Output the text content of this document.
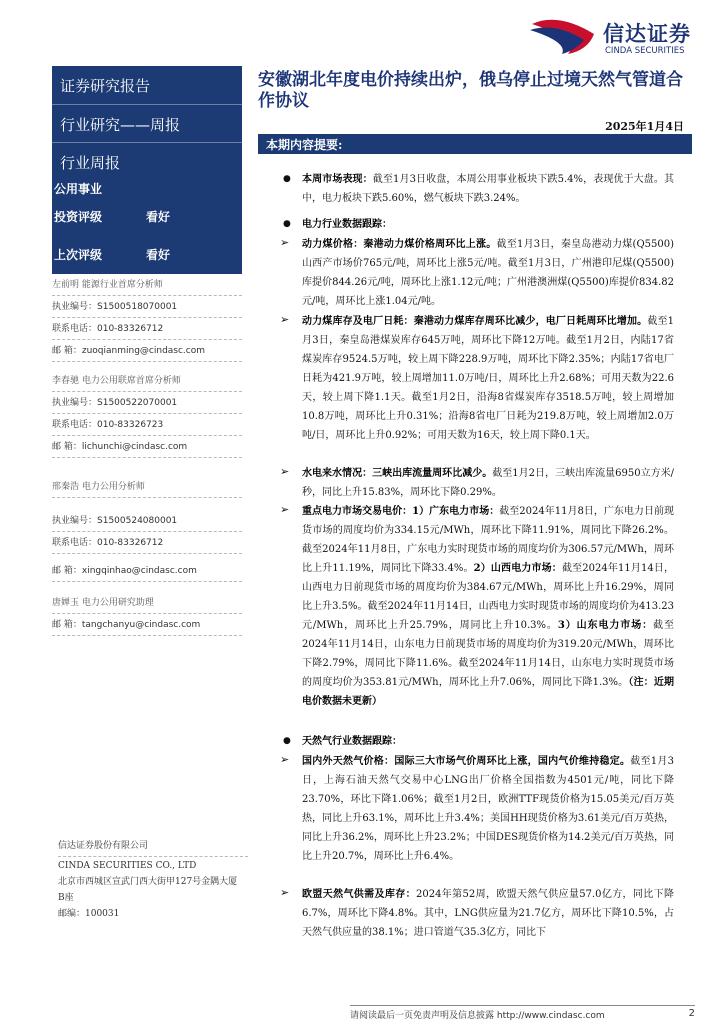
信达证券
CINDA SECURITIES
证券研究报告
行业研究——周报
行业周报
公用事业
投资评级	看好
上次评级	看好
左前明 能源行业首席分析师
执业编号：S1500518070001
联系电话：010-83326712
邮 箱：zuoqianming@cindasc.com
李春驰 电力公用联席首席分析师
执业编号：S1500522070001
联系电话：010-83326723
邮 箱：lichunchi@cindasc.com
邢秦浩 电力公用分析师
执业编号：S1500524080001
联系电话：010-83326712
邮 箱：xingqinhao@cindasc.com
唐婵玉 电力公用研究助理
邮 箱：tangchanyu@cindasc.com
信达证券股份有限公司
CINDA SECURITIES CO., LTD
北京市西城区宣武门西大街甲127号金隅大厦
B座
邮编：100031
安徽湖北年度电价持续出炉，俄乌停止过境天然气管道合作协议
2025年1月4日
本期内容提要:
● 本周市场表现：截至1月3日收盘，本周公用事业板块下跌5.4%，表现优于大盘。其中，电力板块下跌5.60%，燃气板块下跌3.24%。
● 电力行业数据跟踪：
➢ 动力煤价格：秦港动力煤价格周环比上涨。截至1月3日，秦皇岛港动力煤(Q5500)山西产市场价765元/吨，周环比上涨5元/吨。截至1月3日，广州港印尼煤(Q5500)库提价844.26元/吨，周环比上涨1.12元/吨；广州港澳洲煤(Q5500)库提价834.82元/吨，周环比上涨1.04元/吨。
➢ 动力煤库存及电厂日耗：秦港动力煤库存周环比减少，电厂日耗周环比增加。截至1月3日，秦皇岛港煤炭库存645万吨，周环比下降12万吨。截至1月2日，内陆17省煤炭库存9524.5万吨，较上周下降228.9万吨，周环比下降2.35%；内陆17省电厂日耗为421.9万吨，较上周增加11.0万吨/日，周环比上升2.68%；可用天数为22.6天，较上周下降1.1天。截至1月2日，沿海8省煤炭库存3518.5万吨，较上周增加10.8万吨，周环比上升0.31%；沿海8省电厂日耗为219.8万吨，较上周增加2.0万吨/日，周环比上升0.92%；可用天数为16天，较上周下降0.1天。
➢ 水电来水情况：三峡出库流量周环比减少。截至1月2日，三峡出库流量6950立方米/秒，同比上升15.83%，周环比下降0.29%。
➢ 重点电力市场交易电价：1）广东电力市场：截至2024年11月8日，广东电力日前现货市场的周度均价为334.15元/MWh，周环比下降11.91%，周同比下降26.2%。截至2024年11月8日，广东电力实时现货市场的周度均价为306.57元/MWh，周环比上升11.19%，周同比下降33.4%。2）山西电力市场：截至2024年11月14日，山西电力日前现货市场的周度均价为384.67元/MWh，周环比上升16.29%，周同比上升3.5%。截至2024年11月14日，山西电力实时现货市场的周度均价为413.23元/MWh，周环比上升25.79%，周同比上升10.3%。3）山东电力市场：截至2024年11月14日，山东电力日前现货市场的周度均价为319.20元/MWh，周环比下降2.79%，周同比下降11.6%。截至2024年11月14日，山东电力实时现货市场的周度均价为353.81元/MWh，周环比上升7.06%，周同比下降1.3%。（注：近期电价数据未更新）
● 天然气行业数据跟踪：
➢ 国内外天然气价格：国际三大市场气价周环比上涨，国内气价维持稳定。截至1月3日，上海石油天然气交易中心LNG出厂价格全国指数为4501元/吨，同比下降23.70%，环比下降1.06%；截至1月2日，欧洲TTF现货价格为15.05美元/百万英热，同比上升63.1%，周环比上升3.4%；美国HH现货价格为3.61美元/百万英热，同比上升36.2%，周环比上升23.2%；中国DES现货价格为14.2美元/百万英热，同比上升20.7%，周环比上升6.4%。
➢ 欧盟天然气供需及库存：2024年第52周，欧盟天然气供应量57.0亿方，同比下降6.7%，周环比下降4.8%。其中，LNG供应量为21.7亿方，周环比下降10.5%，占天然气供应量的38.1%；进口管道气35.3亿方，同比下
请阅读最后一页免责声明及信息披露 http://www.cindasc.com	2
